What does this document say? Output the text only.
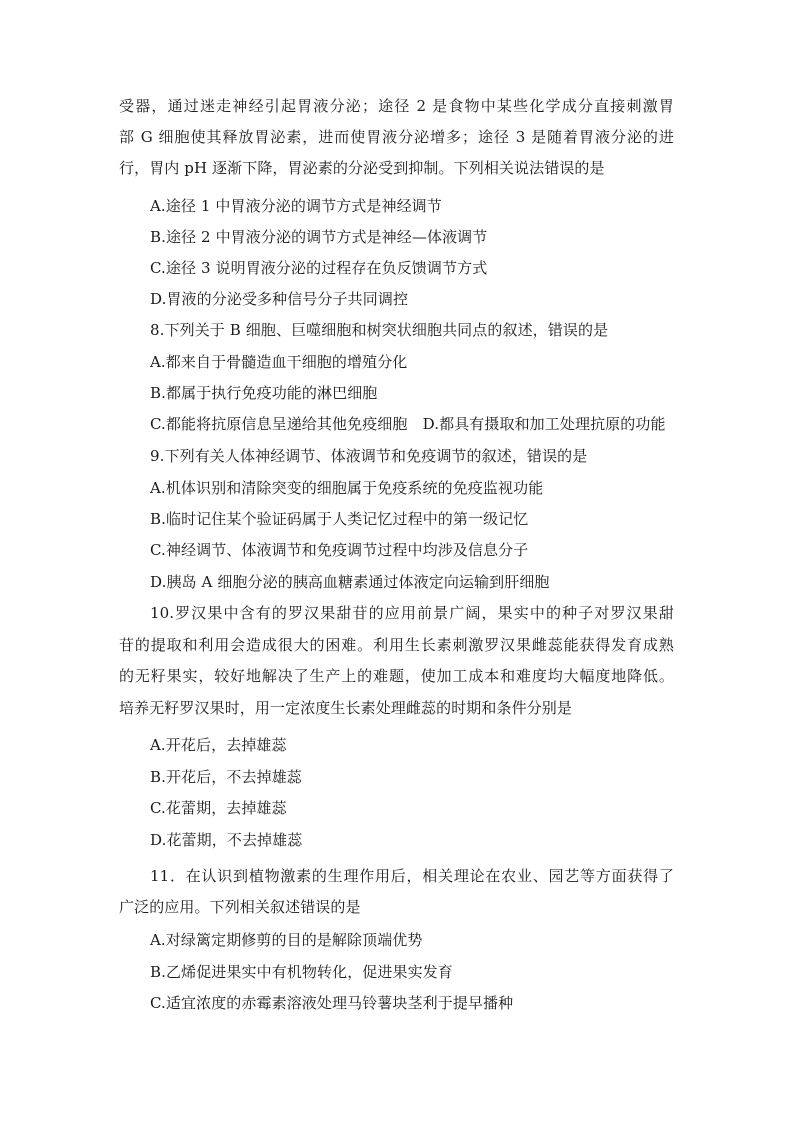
受器，通过迷走神经引起胃液分泌；途径 2 是食物中某些化学成分直接刺激胃
部 G 细胞使其释放胃泌素，进而使胃液分泌增多；途径 3 是随着胃液分泌的进
行，胃内 pH 逐渐下降，胃泌素的分泌受到抑制。下列相关说法错误的是
A.途径 1 中胃液分泌的调节方式是神经调节
B.途径 2 中胃液分泌的调节方式是神经—体液调节
C.途径 3 说明胃液分泌的过程存在负反馈调节方式
D.胃液的分泌受多种信号分子共同调控
8.下列关于 B 细胞、巨噬细胞和树突状细胞共同点的叙述，错误的是
A.都来自于骨髓造血干细胞的增殖分化
B.都属于执行免疫功能的淋巴细胞
C.都能将抗原信息呈递给其他免疫细胞　D.都具有摄取和加工处理抗原的功能
9.下列有关人体神经调节、体液调节和免疫调节的叙述，错误的是
A.机体识别和清除突变的细胞属于免疫系统的免疫监视功能
B.临时记住某个验证码属于人类记忆过程中的第一级记忆
C.神经调节、体液调节和免疫调节过程中均涉及信息分子
D.胰岛 A 细胞分泌的胰高血糖素通过体液定向运输到肝细胞
10.罗汉果中含有的罗汉果甜苷的应用前景广阔，果实中的种子对罗汉果甜
苷的提取和利用会造成很大的困难。利用生长素刺激罗汉果雌蕊能获得发育成熟
的无籽果实，较好地解决了生产上的难题，使加工成本和难度均大幅度地降低。
培养无籽罗汉果时，用一定浓度生长素处理雌蕊的时期和条件分别是
A.开花后，去掉雄蕊
B.开花后，不去掉雄蕊
C.花蕾期，去掉雄蕊
D.花蕾期，不去掉雄蕊
11．在认识到植物激素的生理作用后，相关理论在农业、园艺等方面获得了
广泛的应用。下列相关叙述错误的是
A.对绿篱定期修剪的目的是解除顶端优势
B.乙烯促进果实中有机物转化，促进果实发育
C.适宜浓度的赤霉素溶液处理马铃薯块茎利于提早播种
